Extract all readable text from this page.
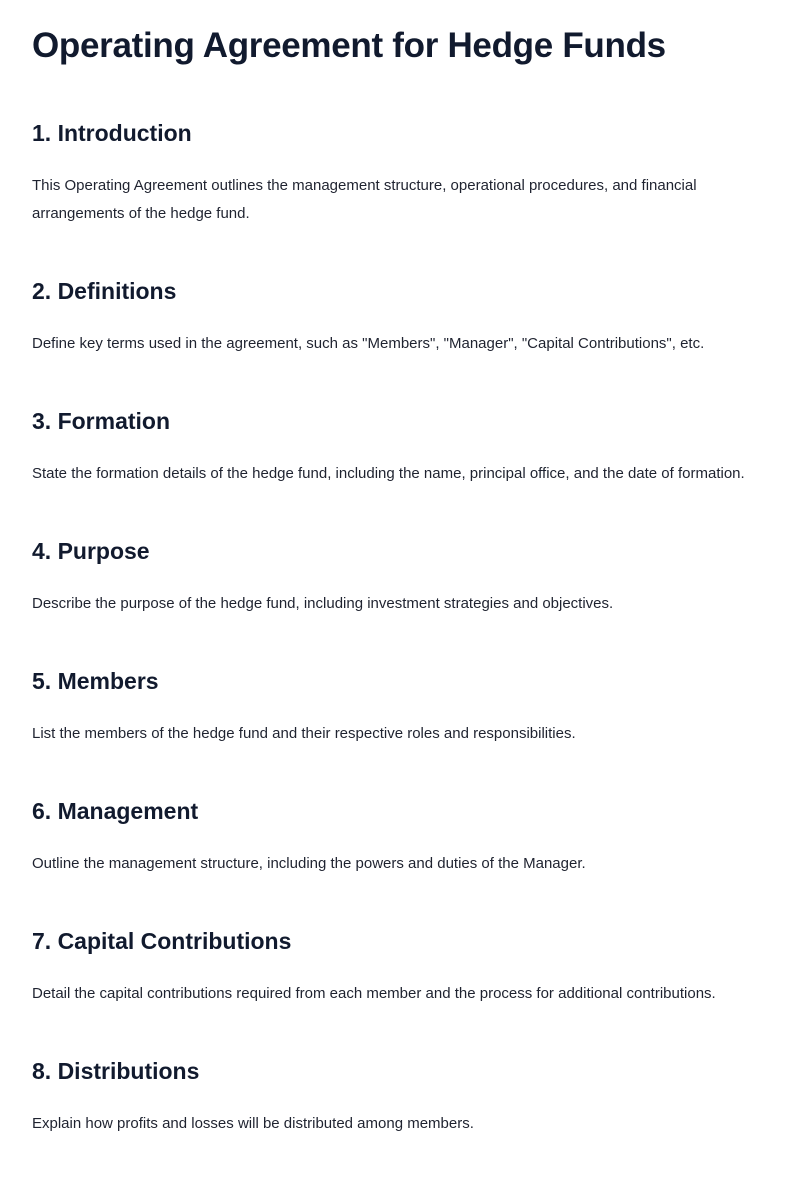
Operating Agreement for Hedge Funds
1. Introduction

This Operating Agreement outlines the management structure, operational procedures, and financial arrangements of the hedge fund.

2. Definitions

Define key terms used in the agreement, such as "Members", "Manager", "Capital Contributions", etc.

3. Formation

State the formation details of the hedge fund, including the name, principal office, and the date of formation.

4. Purpose

Describe the purpose of the hedge fund, including investment strategies and objectives.

5. Members

List the members of the hedge fund and their respective roles and responsibilities.

6. Management

Outline the management structure, including the powers and duties of the Manager.

7. Capital Contributions

Detail the capital contributions required from each member and the process for additional contributions.

8. Distributions

Explain how profits and losses will be distributed among members.
